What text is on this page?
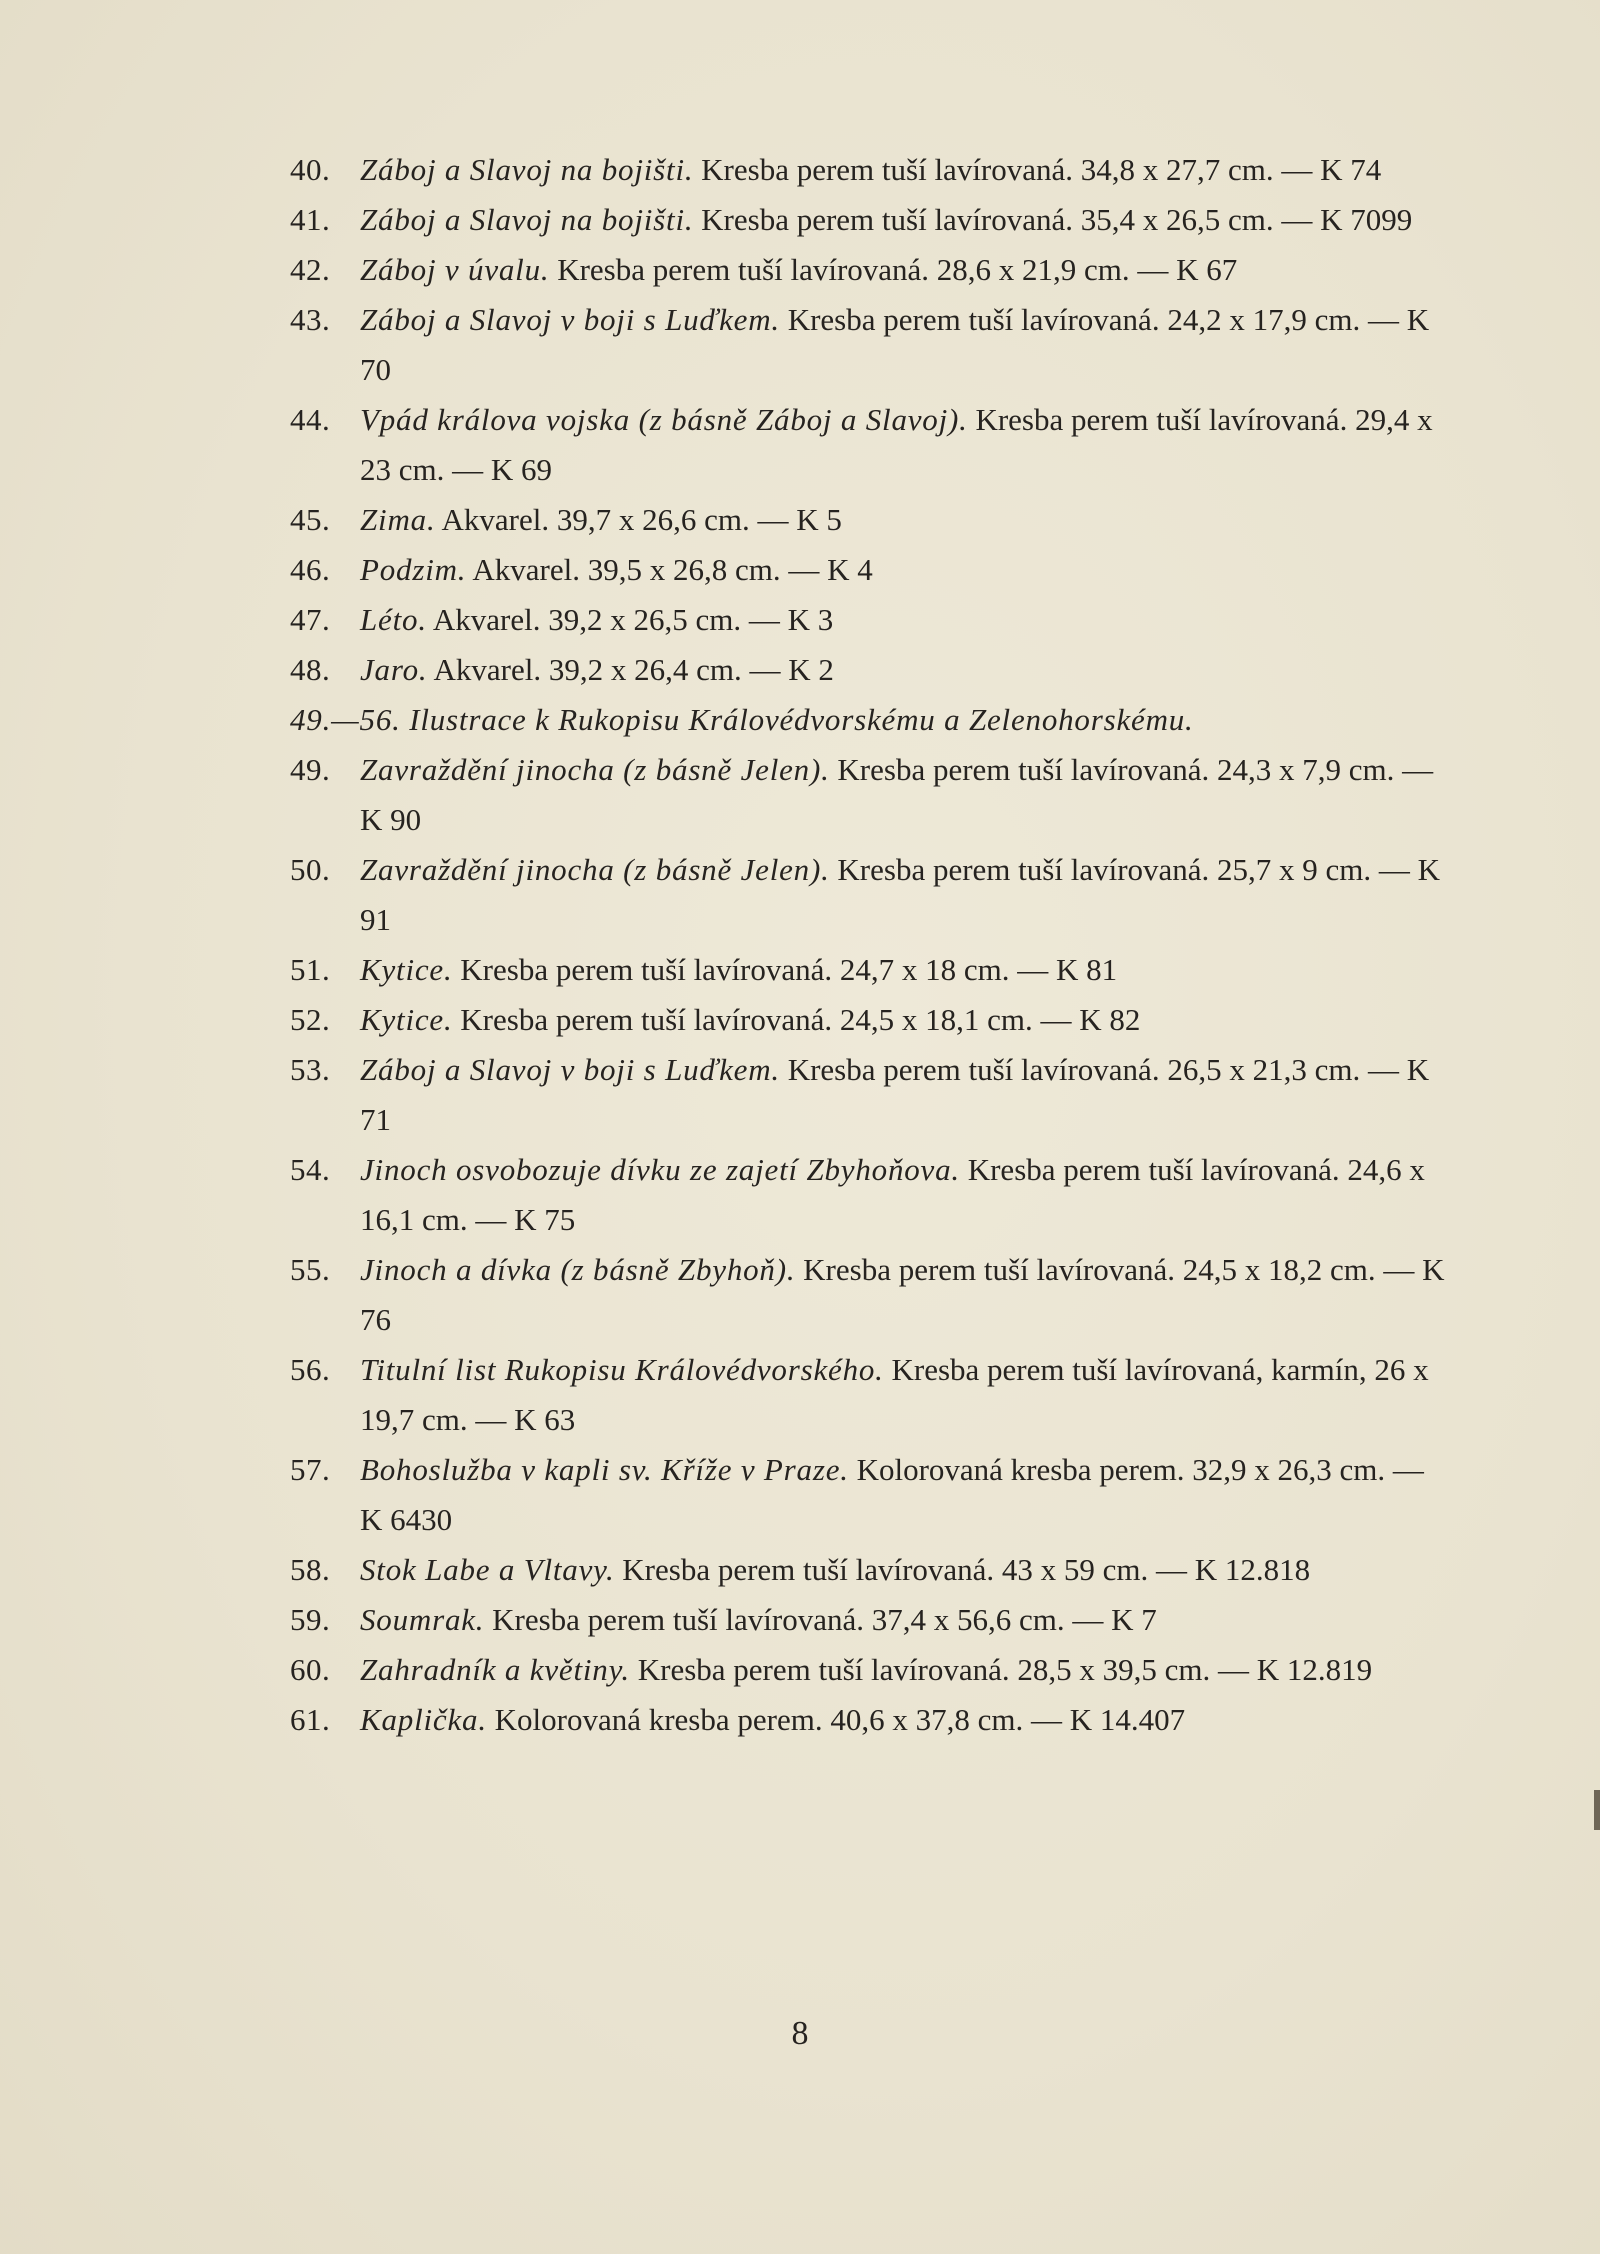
40. Záboj a Slavoj na bojišti. Kresba perem tuší lavírovaná. 34,8 x 27,7 cm. — K 74
41. Záboj a Slavoj na bojišti. Kresba perem tuší lavírovaná. 35,4 x 26,5 cm. — K 7099
42. Záboj v úvalu. Kresba perem tuší lavírovaná. 28,6 x 21,9 cm. — K 67
43. Záboj a Slavoj v boji s Luďkem. Kresba perem tuší lavírovaná. 24,2 x 17,9 cm. — K 70
44. Vpád králova vojska (z básně Záboj a Slavoj). Kresba perem tuší lavírovaná. 29,4 x 23 cm. — K 69
45. Zima. Akvarel. 39,7 x 26,6 cm. — K 5
46. Podzim. Akvarel. 39,5 x 26,8 cm. — K 4
47. Léto. Akvarel. 39,2 x 26,5 cm. — K 3
48. Jaro. Akvarel. 39,2 x 26,4 cm. — K 2
49.—56. Ilustrace k Rukopisu Královédvorskému a Zelenohorskému.
49. Zavraždění jinocha (z básně Jelen). Kresba perem tuší lavírovaná. 24,3 x 7,9 cm. — K 90
50. Zavraždění jinocha (z básně Jelen). Kresba perem tuší lavírovaná. 25,7 x 9 cm. — K 91
51. Kytice. Kresba perem tuší lavírovaná. 24,7 x 18 cm. — K 81
52. Kytice. Kresba perem tuší lavírovaná. 24,5 x 18,1 cm. — K 82
53. Záboj a Slavoj v boji s Luďkem. Kresba perem tuší lavírovaná. 26,5 x 21,3 cm. — K 71
54. Jinoch osvobozuje dívku ze zajetí Zbyhoňova. Kresba perem tuší lavírovaná. 24,6 x 16,1 cm. — K 75
55. Jinoch a dívka (z básně Zbyhoň). Kresba perem tuší lavírovaná. 24,5 x 18,2 cm. — K 76
56. Titulní list Rukopisu Královédvorského. Kresba perem tuší lavírovaná, karmín, 26 x 19,7 cm. — K 63
57. Bohoslužba v kapli sv. Kříže v Praze. Kolorovaná kresba perem. 32,9 x 26,3 cm. — K 6430
58. Stok Labe a Vltavy. Kresba perem tuší lavírovaná. 43 x 59 cm. — K 12.818
59. Soumrak. Kresba perem tuší lavírovaná. 37,4 x 56,6 cm. — K 7
60. Zahradník a květiny. Kresba perem tuší lavírovaná. 28,5 x 39,5 cm. — K 12.819
61. Kaplička. Kolorovaná kresba perem. 40,6 x 37,8 cm. — K 14.407
8
